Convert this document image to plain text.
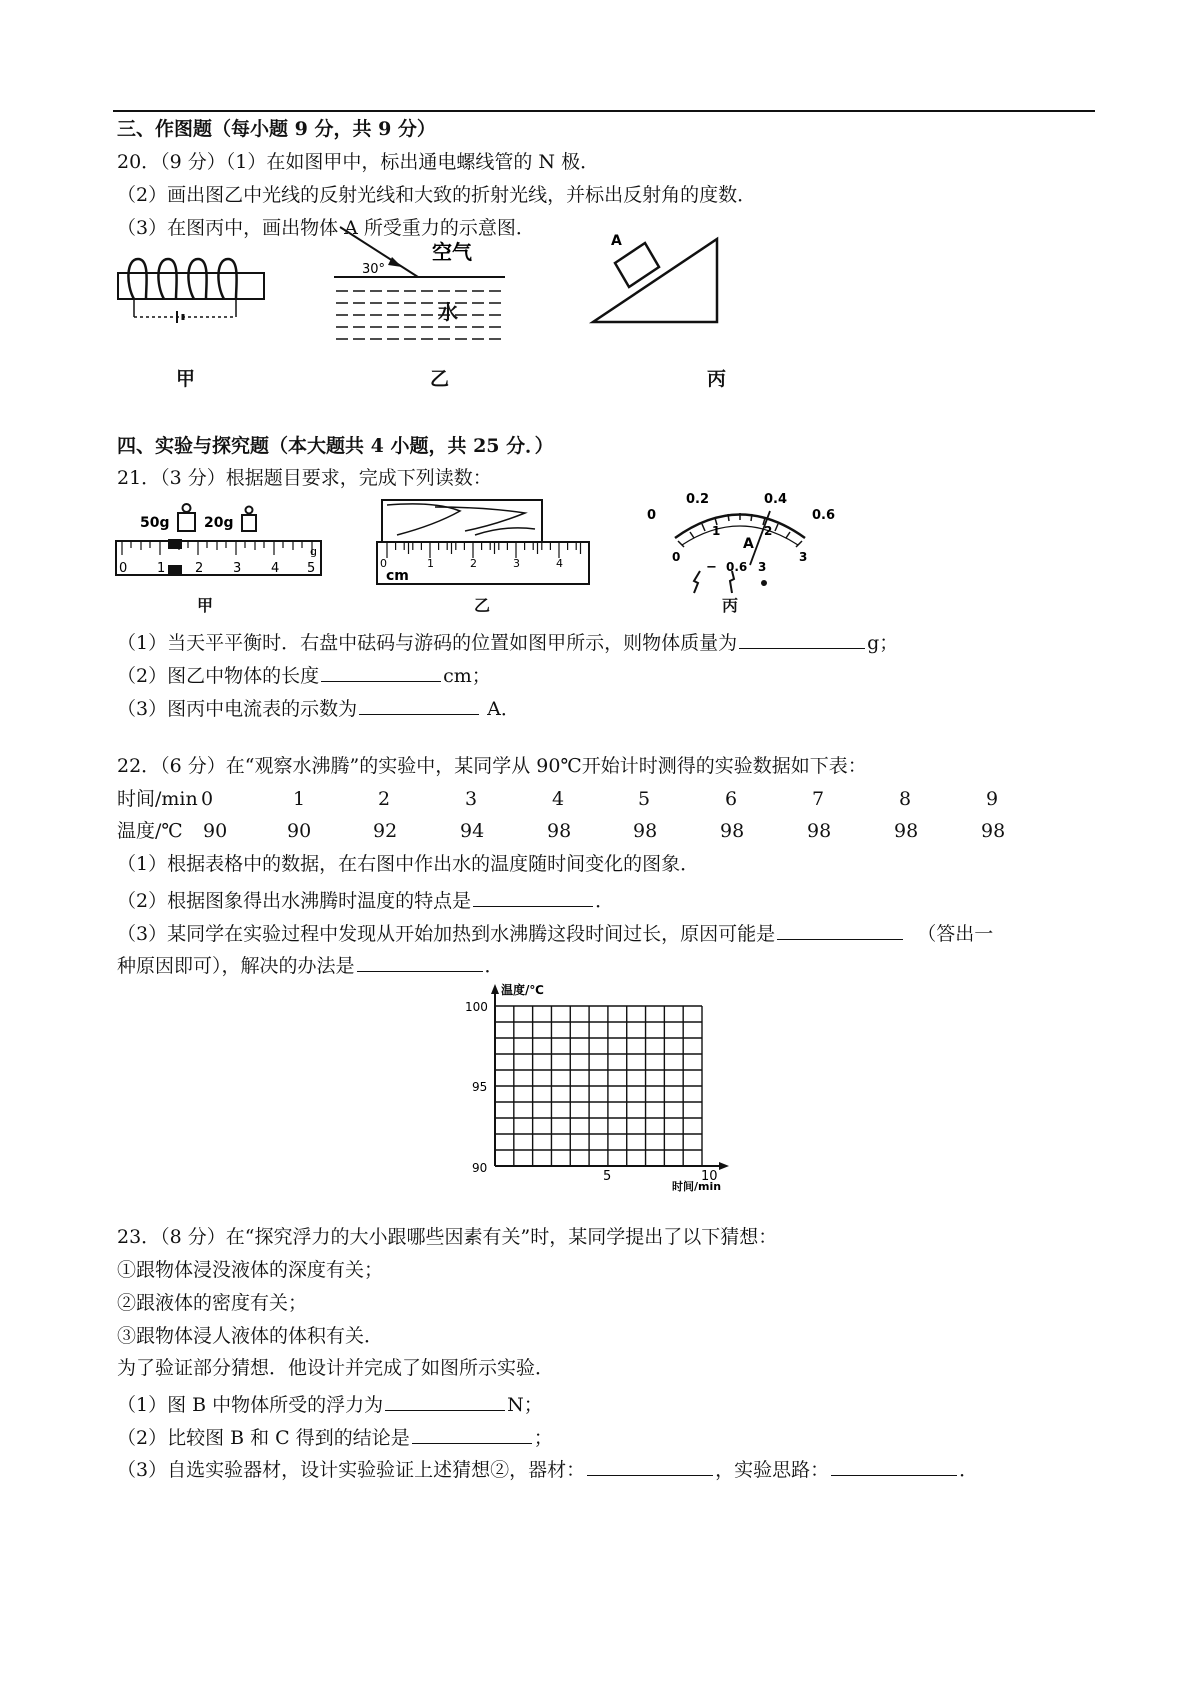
三、作图题（每小题 9 分，共 9 分）
20．（9 分）（1）在如图甲中，标出通电螺线管的 N 极．
（2）画出图乙中光线的反射光线和大致的折射光线，并标出反射角的度数．
（3）在图丙中，画出物体 A 所受重力的示意图．
甲
30°
空气
水
乙
A
丙
四、实验与探究题（本大题共 4 小题，共 25 分．）
21．（3 分）根据题目要求，完成下列读数：
50g 20g
0 1 2 3 4 5
g
甲
0
cm
1	2	3	4
乙
0.2	0.4
0	0.6
0
1	2
3
A
− 0.6 3
丙
（1）当天平平衡时．右盘中砝码与游码的位置如图甲所示，则物体质量为	g；
（2）图乙中物体的长度	cm；
（3）图丙中电流表的示数为	A．
22．（6 分）在“观察水沸腾”的实验中，某同学从 90℃开始计时测得的实验数据如下表：
时间/min 0	1	2	3	4	5	6	7	8	9
温度/℃ 90	90	92	94	98	98	98	98	98	98
（1）根据表格中的数据，在右图中作出水的温度随时间变化的图象．
（2）根据图象得出水沸腾时温度的特点是	．
（3）某同学在实验过程中发现从开始加热到水沸腾这段时间过长，原因可能是	（答出一
种原因即可），解决的办法是	．
温度/℃
时间/min
100
95
90
5	10
23．（8 分）在“探究浮力的大小跟哪些因素有关”时，某同学提出了以下猜想：
①跟物体浸没液体的深度有关；
②跟液体的密度有关；
③跟物体浸人液体的体积有关．
为了验证部分猜想．他设计并完成了如图所示实验．
（1）图 B 中物体所受的浮力为	N；
（2）比较图 B 和 C 得到的结论是	；
（3）自选实验器材，设计实验验证上述猜想②，器材：	，实验思路：	．
